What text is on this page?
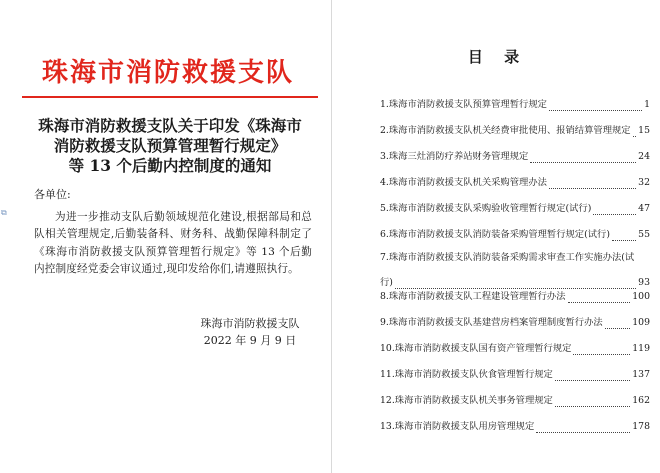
珠海市消防救援支队
珠海市消防救援支队关于印发《珠海市
消防救援支队预算管理暂行规定》
等 13 个后勤内控制度的通知
各单位:
为进一步推动支队后勤领域规范化建设,根据部局和总队相关管理规定,后勤装备科、财务科、战勤保障科制定了《珠海市消防救援支队预算管理暂行规定》等 13 个后勤内控制度经党委会审议通过,现印发给你们,请遵照执行。
珠海市消防救援支队
2022 年 9 月 9 日
⧉
目 录
1.珠海市消防救援支队预算管理暂行规定	1
2.珠海市消防救援支队机关经费审批使用、报销结算管理规定 15
3.珠海三灶消防疗养站财务管理规定	24
4.珠海市消防救援支队机关采购管理办法	32
5.珠海市消防救援支队采购验收管理暂行规定(试行)	47
6.珠海市消防救援支队消防装备采购管理暂行规定(试行)	55
7.珠海市消防救援支队消防装备采购需求审查工作实施办法(试
行)	93
8.珠海市消防救援支队工程建设管理暂行办法	100
9.珠海市消防救援支队基建营房档案管理制度暂行办法	109
10.珠海市消防救援支队国有资产管理暂行规定	119
11.珠海市消防救援支队伙食管理暂行规定	137
12.珠海市消防救援支队机关事务管理规定	162
13.珠海市消防救援支队用房管理规定	178
